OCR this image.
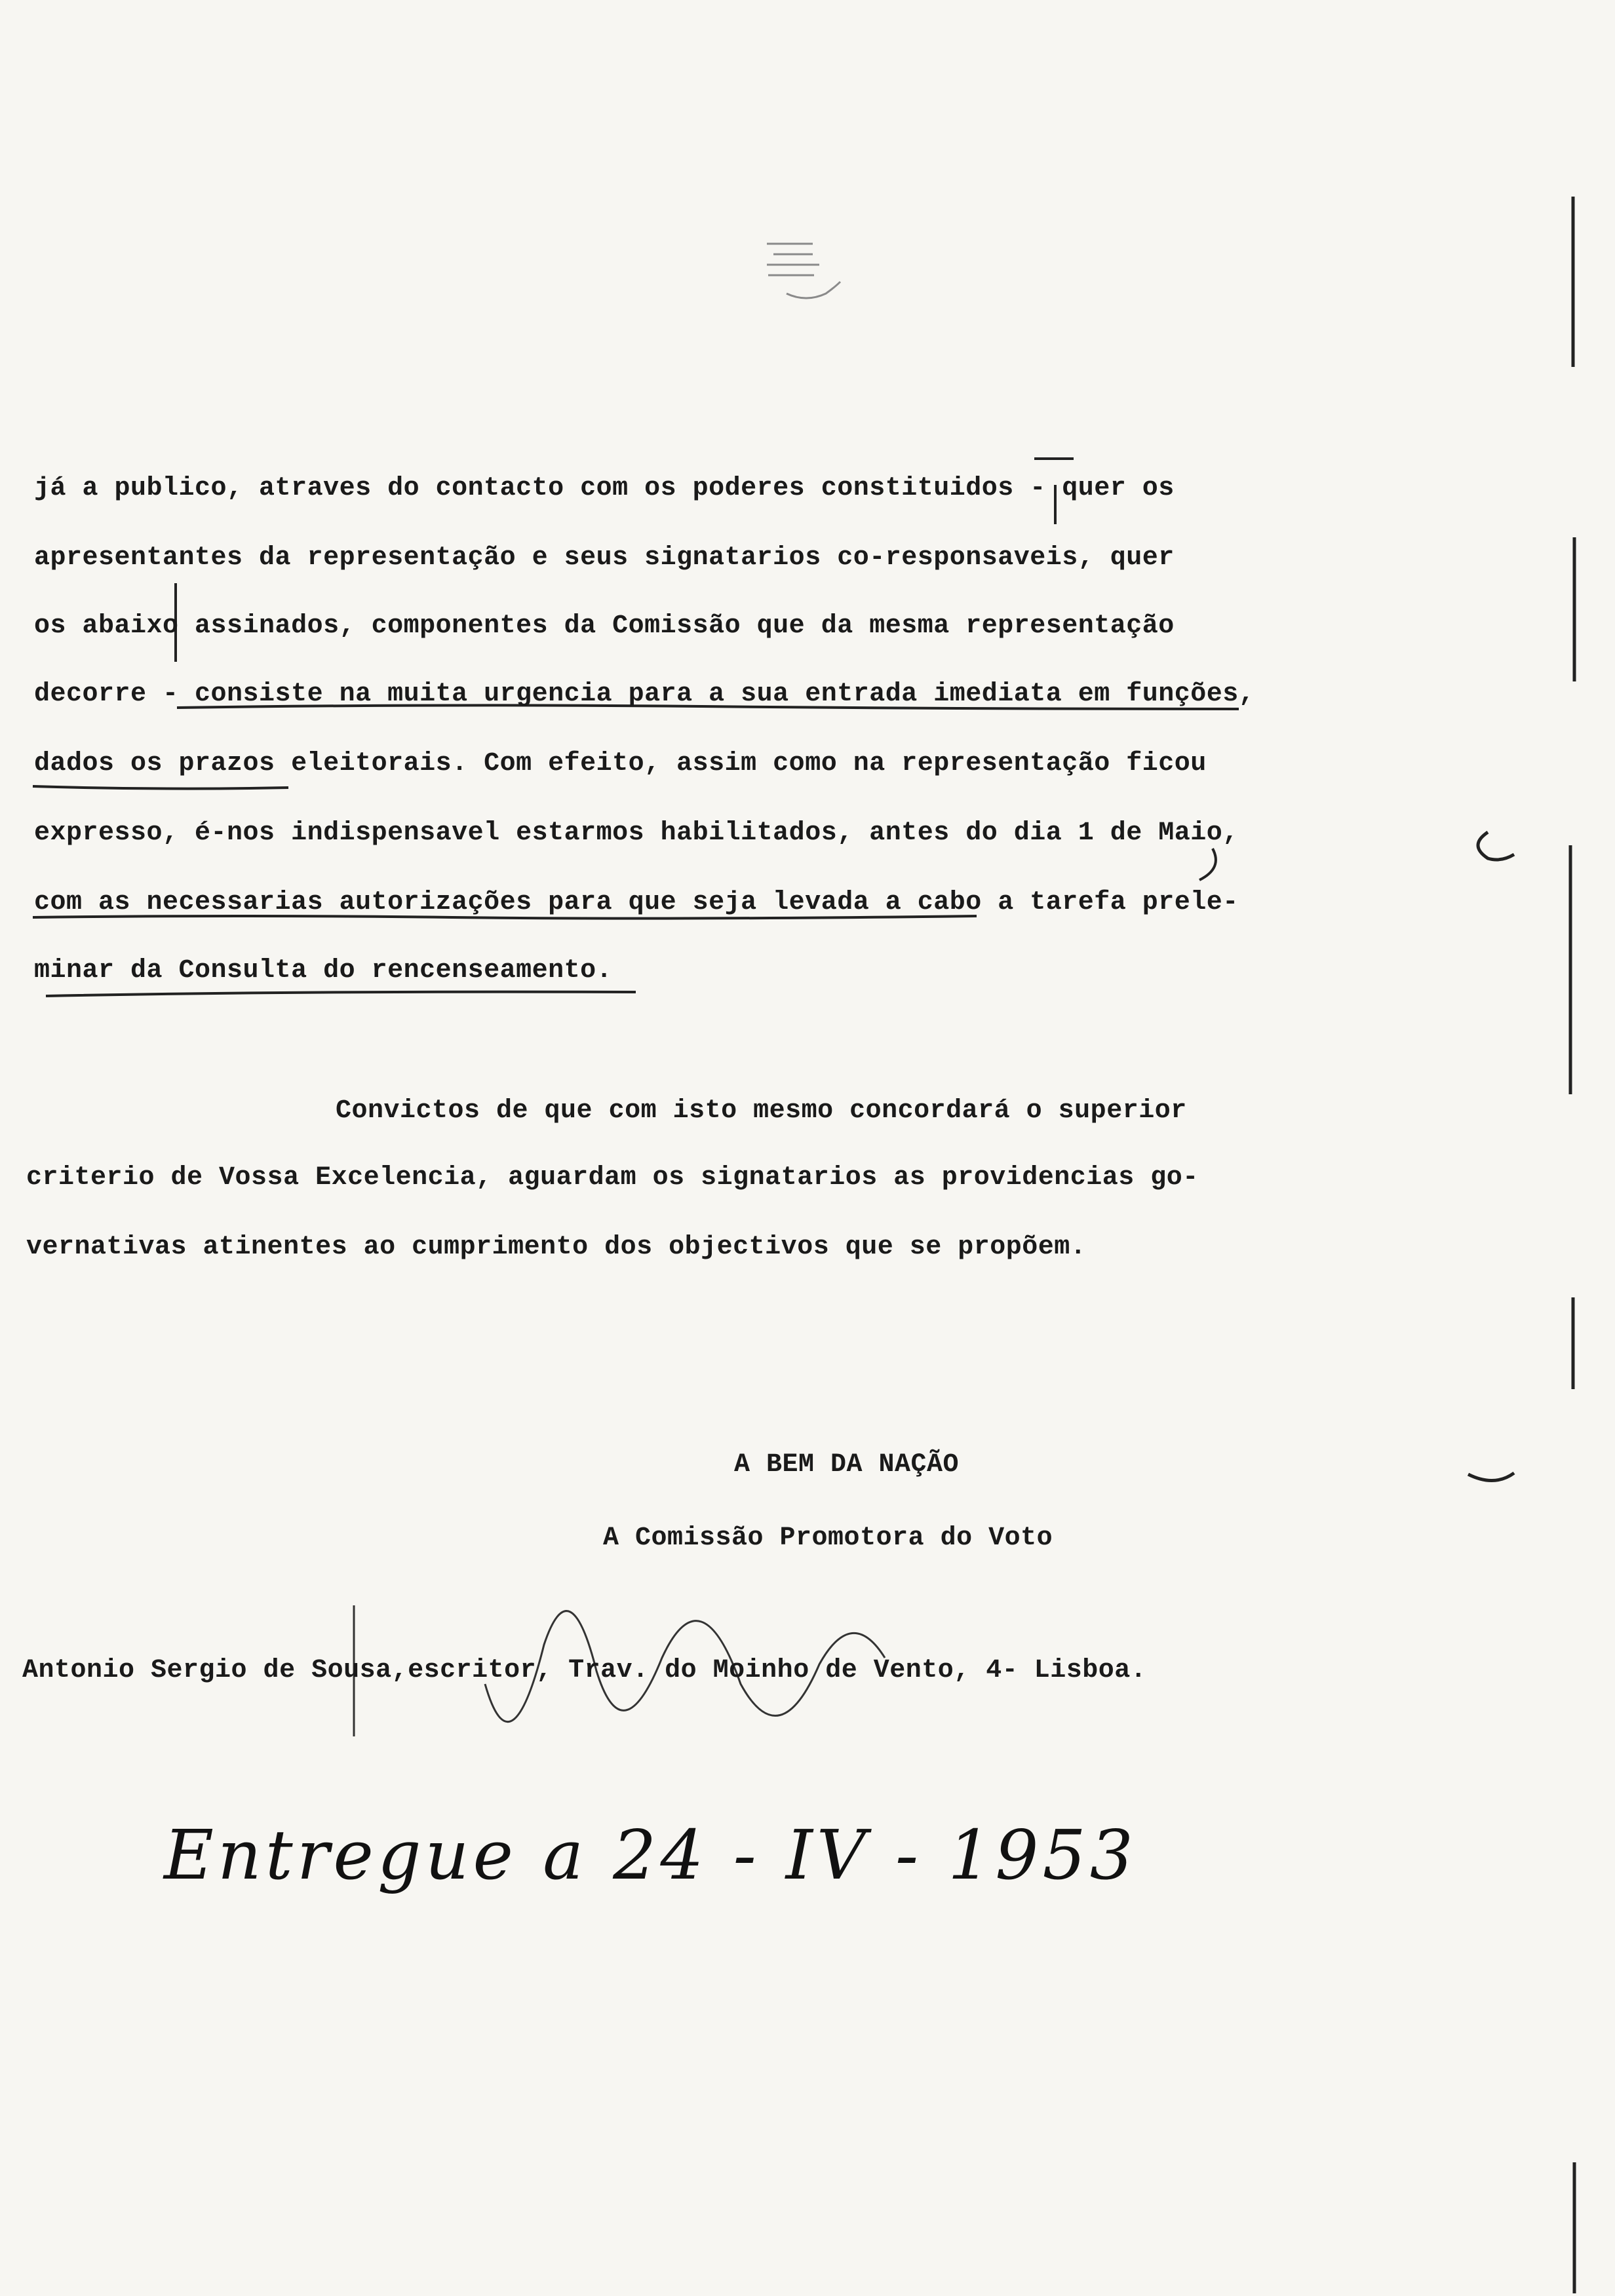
já a publico, atraves do contacto com os poderes constituidos - quer os
apresentantes da representação e seus signatarios co-responsaveis, quer
os abaixo assinados, componentes da Comissão que da mesma representação
decorre - consiste na muita urgencia para a sua entrada imediata em funções,
dados os prazos eleitorais. Com efeito, assim como na representação ficou
expresso, é-nos indispensavel estarmos habilitados, antes do dia 1 de Maio,
com as necessarias autorizações para que seja levada a cabo a tarefa prele-
minar da Consulta do rencenseamento.
Convictos de que com isto mesmo concordará o superior
criterio de Vossa Excelencia, aguardam os signatarios as providencias go-
vernativas atinentes ao cumprimento dos objectivos que se propõem.
A BEM DA NAÇÃO
A Comissão Promotora do Voto
Antonio Sergio de Sousa,escritor, Trav. do Moinho de Vento, 4- Lisboa.
Entregue a 24 - IV - 1953
